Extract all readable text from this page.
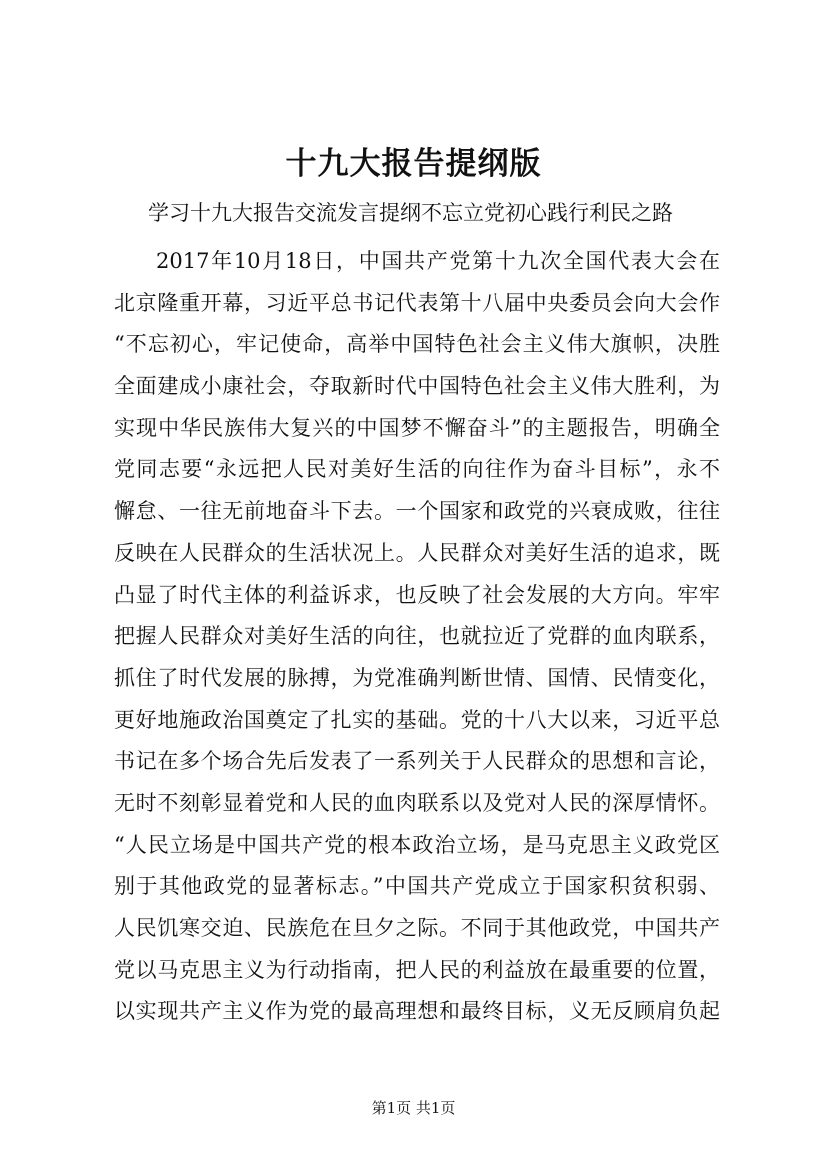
十九大报告提纲版

学习十九大报告交流发言提纲不忘立党初心践行利民之路

2017年10月18日，中国共产党第十九次全国代表大会在
北京隆重开幕，习近平总书记代表第十八届中央委员会向大会作
“不忘初心，牢记使命，高举中国特色社会主义伟大旗帜，决胜
全面建成小康社会，夺取新时代中国特色社会主义伟大胜利，为
实现中华民族伟大复兴的中国梦不懈奋斗”的主题报告，明确全
党同志要“永远把人民对美好生活的向往作为奋斗目标”，永不
懈怠、一往无前地奋斗下去。一个国家和政党的兴衰成败，往往
反映在人民群众的生活状况上。人民群众对美好生活的追求，既
凸显了时代主体的利益诉求，也反映了社会发展的大方向。牢牢
把握人民群众对美好生活的向往，也就拉近了党群的血肉联系，
抓住了时代发展的脉搏，为党准确判断世情、国情、民情变化，
更好地施政治国奠定了扎实的基础。党的十八大以来，习近平总
书记在多个场合先后发表了一系列关于人民群众的思想和言论，
无时不刻彰显着党和人民的血肉联系以及党对人民的深厚情怀。
“人民立场是中国共产党的根本政治立场，是马克思主义政党区
别于其他政党的显著标志。”中国共产党成立于国家积贫积弱、
人民饥寒交迫、民族危在旦夕之际。不同于其他政党，中国共产
党以马克思主义为行动指南，把人民的利益放在最重要的位置，
以实现共产主义作为党的最高理想和最终目标，义无反顾肩负起
第1页 共1页
